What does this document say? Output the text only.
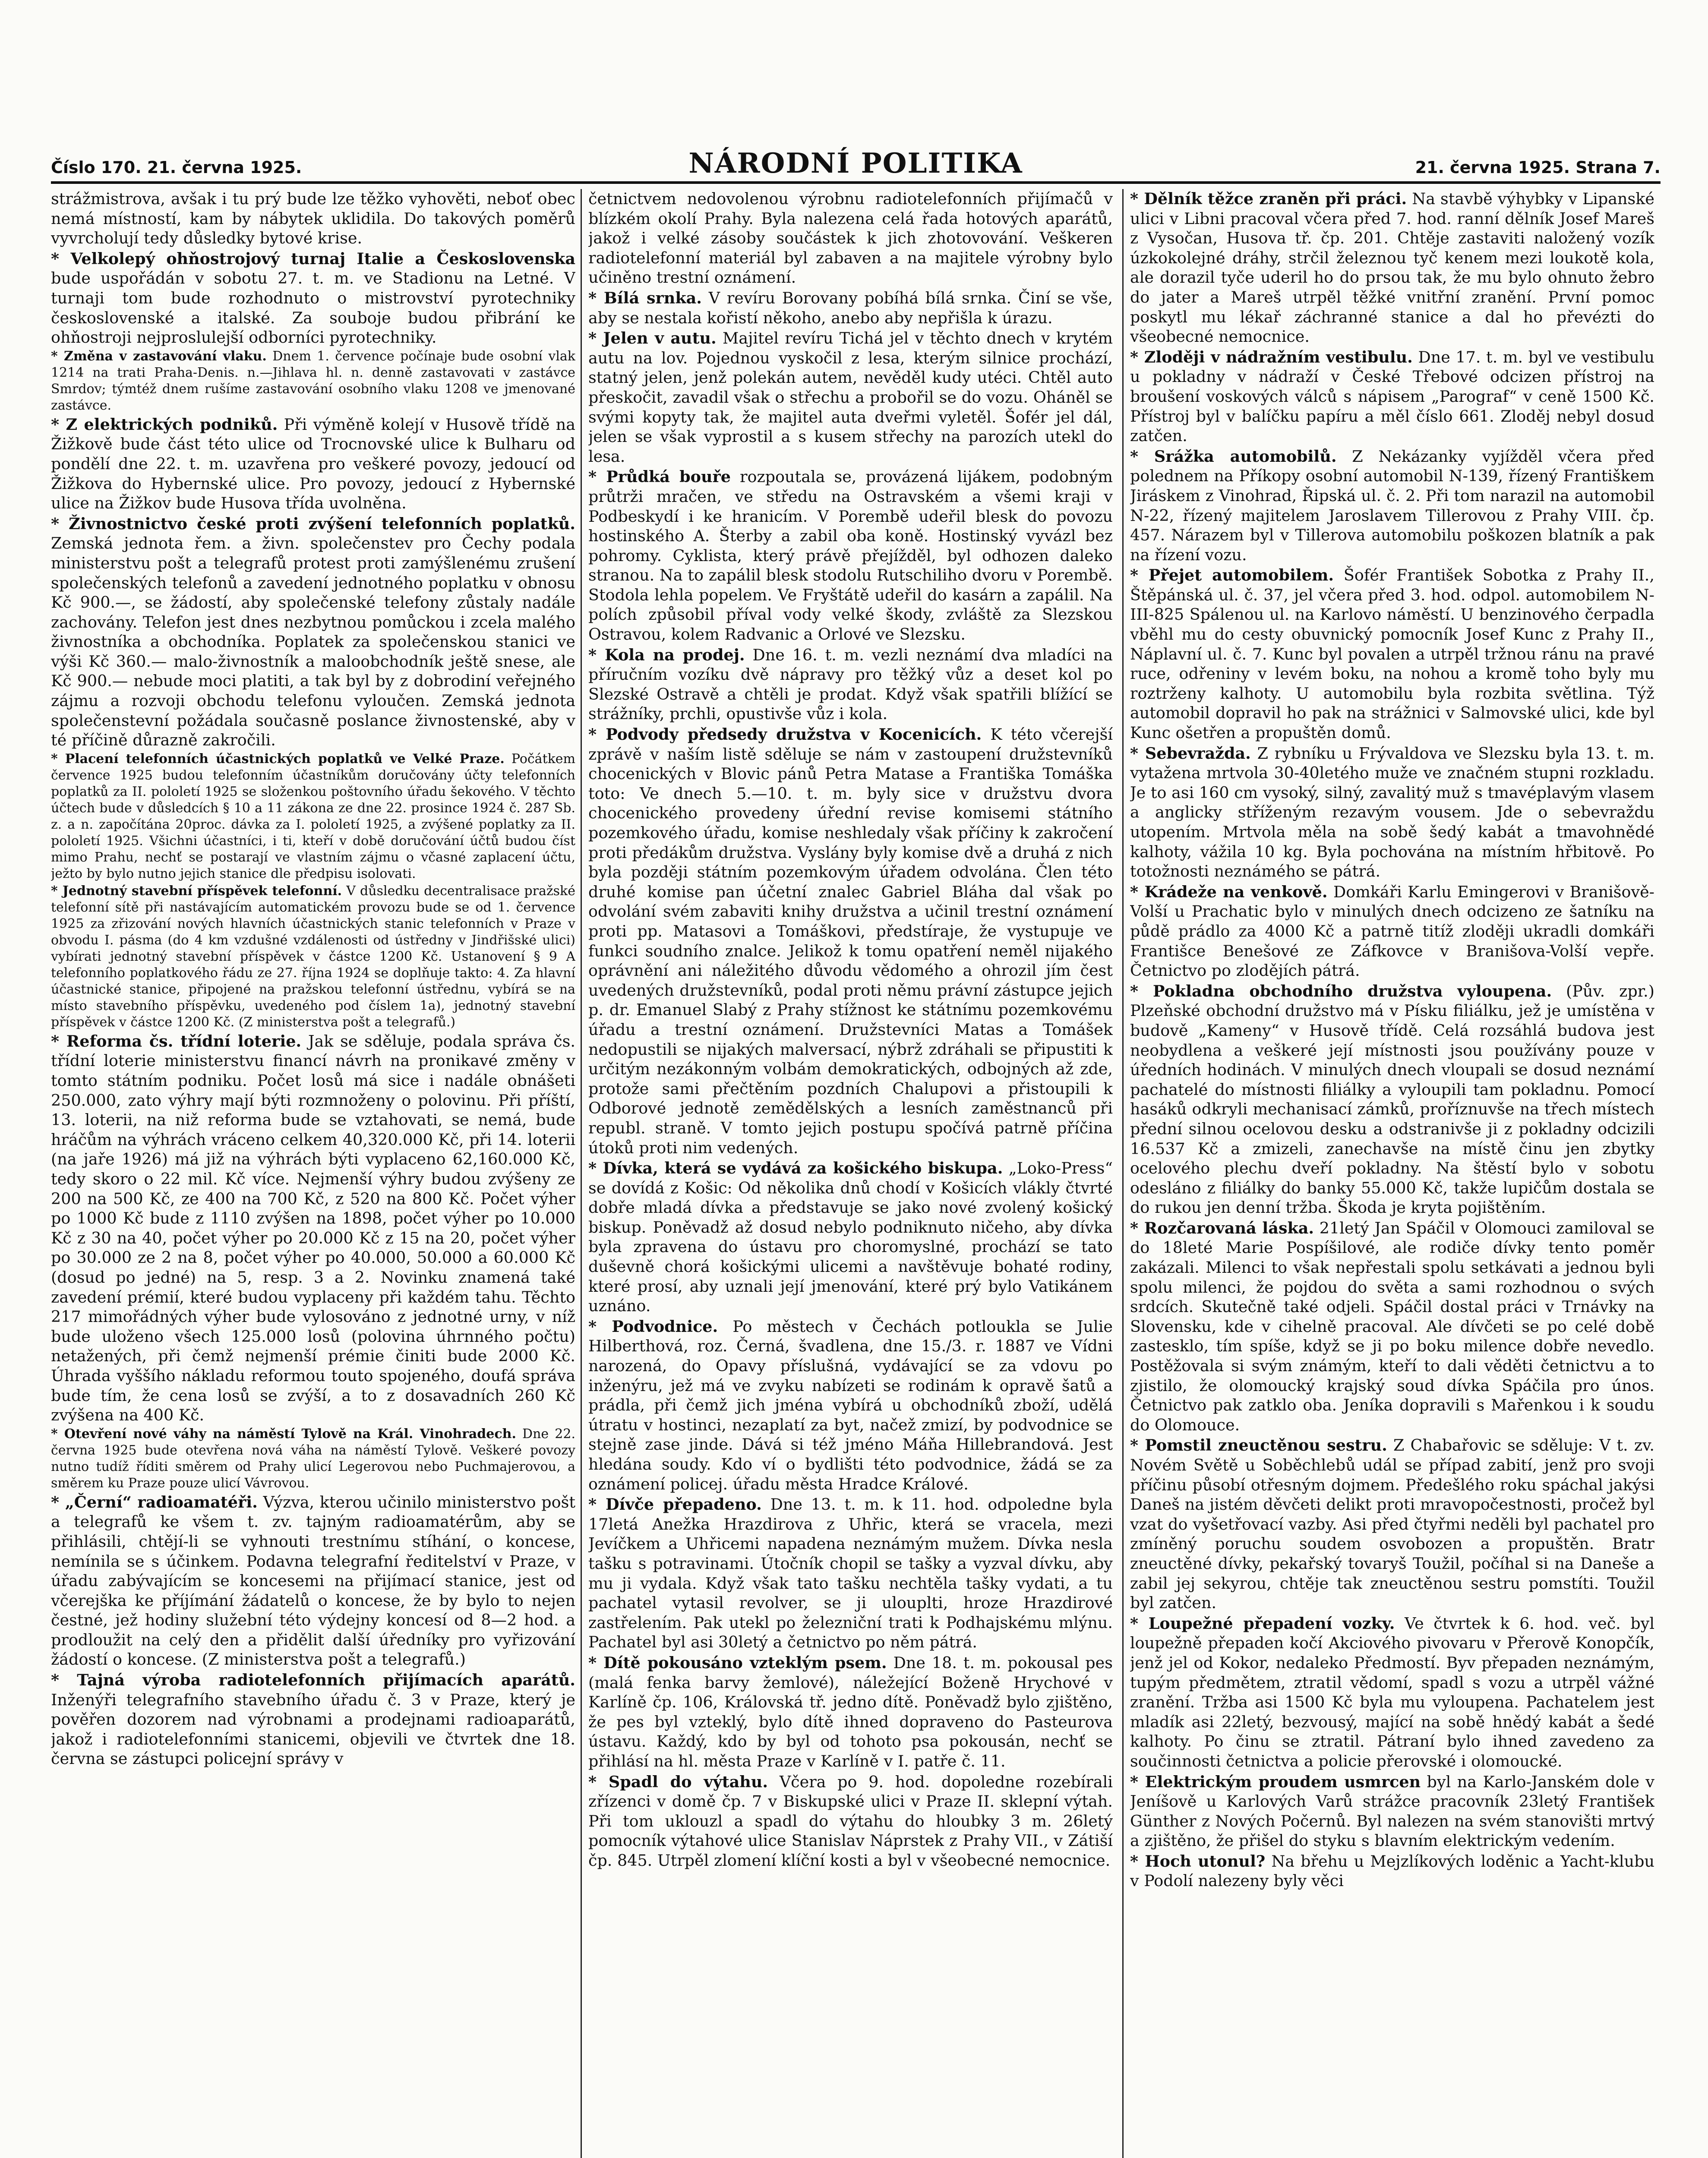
Číslo 170. 21. června 1925.	NÁRODNÍ POLITIKA	21. června 1925. Strana 7.

strážmistrova, avšak i tu prý bude lze těžko vyhověti, neboť obec nemá místností, kam by nábytek uklidila. Do takových poměrů vyvrcholují tedy důsledky bytové krise.

* Velkolepý ohňostrojový turnaj Italie a Československa bude uspořádán v sobotu 27. t. m. ve Stadionu na Letné. V turnaji tom bude rozhodnuto o mistrovství pyrotechniky československé a italské. Za souboje budou přibrání ke ohňostroji nejproslulejší odborníci pyrotechniky.

* Změna v zastavování vlaku. Dnem 1. července počínaje bude osobní vlak 1214 na trati Praha-Denis. n.—Jihlava hl. n. denně zastavovati v zastávce Smrdov; týmtéž dnem rušíme zastavování osobního vlaku 1208 ve jmenované zastávce.

* Z elektrických podniků. Při výměně kolejí v Husově třídě na Žižkově bude část této ulice od Trocnovské ulice k Bulharu od pondělí dne 22. t. m. uzavřena pro veškeré povozy, jedoucí od Žižkova do Hybernské ulice. Pro povozy, jedoucí z Hybernské ulice na Žižkov bude Husova třída uvolněna.

* Živnostnictvo české proti zvýšení telefonních poplatků. Zemská jednota řem. a živn. společenstev pro Čechy podala ministerstvu pošt a telegrafů protest proti zamýšlenému zrušení společenských telefonů a zavedení jednotného poplatku v obnosu Kč 900.—, se žádostí, aby společenské telefony zůstaly nadále zachovány. Telefon jest dnes nezbytnou pomůckou i zcela malého živnostníka a obchodníka. Poplatek za společenskou stanici ve výši Kč 360.— malo-živnostník a maloobchodník ještě snese, ale Kč 900.— nebude moci platiti, a tak byl by z dobrodiní veřejného zájmu a rozvoji obchodu telefonu vyloučen. Zemská jednota společenstevní požádala současně poslance živnostenské, aby v té příčině důrazně zakročili.

* Placení telefonních účastnických poplatků ve Velké Praze. Počátkem července 1925 budou telefonním účastníkům doručovány účty telefonních poplatků za II. pololetí 1925 se složenkou poštovního úřadu šekového. V těchto účtech bude v důsledcích § 10 a 11 zákona ze dne 22. prosince 1924 č. 287 Sb. z. a n. započítána 20proc. dávka za I. pololetí 1925, a zvýšené poplatky za II. pololetí 1925. Všichni účastníci, i ti, kteří v době doručování účtů budou číst mimo Prahu, nechť se postarají ve vlastním zájmu o včasné zaplacení účtu, ježto by bylo nutno jejich stanice dle předpisu isolovati.

* Jednotný stavební příspěvek telefonní. V důsledku decentralisace pražské telefonní sítě při nastávajícím automatickém provozu bude se od 1. července 1925 za zřizování nových hlavních účastnických stanic telefonních v Praze v obvodu I. pásma (do 4 km vzdušné vzdálenosti od ústředny v Jindřišské ulici) vybírati jednotný stavební příspěvek v částce 1200 Kč. Ustanovení § 9 A telefonního poplatkového řádu ze 27. října 1924 se doplňuje takto: 4. Za hlavní účastnické stanice, připojené na pražskou telefonní ústřednu, vybírá se na místo stavebního příspěvku, uvedeného pod číslem 1a), jednotný stavební příspěvek v částce 1200 Kč. (Z ministerstva pošt a telegrafů.)

* Reforma čs. třídní loterie. Jak se sděluje, podala správa čs. třídní loterie ministerstvu financí návrh na pronikavé změny v tomto státním podniku. Počet losů má sice i nadále obnášeti 250.000, zato výhry mají býti rozmnoženy o polovinu. Při příští, 13. loterii, na niž reforma bude se vztahovati, se nemá, bude hráčům na výhrách vráceno celkem 40,320.000 Kč, při 14. loterii (na jaře 1926) má již na výhrách býti vyplaceno 62,160.000 Kč, tedy skoro o 22 mil. Kč více. Nejmenší výhry budou zvýšeny ze 200 na 500 Kč, ze 400 na 700 Kč, z 520 na 800 Kč. Počet výher po 1000 Kč bude z 1110 zvýšen na 1898, počet výher po 10.000 Kč z 30 na 40, počet výher po 20.000 Kč z 15 na 20, počet výher po 30.000 ze 2 na 8, počet výher po 40.000, 50.000 a 60.000 Kč (dosud po jedné) na 5, resp. 3 a 2. Novinku znamená také zavedení prémií, které budou vyplaceny při každém tahu. Těchto 217 mimořádných výher bude vylosováno z jednotné urny, v níž bude uloženo všech 125.000 losů (polovina úhrnného počtu) netažených, při čemž nejmenší prémie činiti bude 2000 Kč. Úhrada vyššího nákladu reformou touto spojeného, doufá správa bude tím, že cena losů se zvýší, a to z dosavadních 260 Kč zvýšena na 400 Kč.

* Otevření nové váhy na náměstí Tylově na Král. Vinohradech. Dne 22. června 1925 bude otevřena nová váha na náměstí Tylově. Veškeré povozy nutno tudíž říditi směrem od Prahy ulicí Legerovou nebo Puchmajerovou, a směrem ku Praze pouze ulicí Vávrovou.

* „Černí“ radioamatéři. Výzva, kterou učinilo ministerstvo pošt a telegrafů ke všem t. zv. tajným radioamatérům, aby se přihlásili, chtějí-li se vyhnouti trestnímu stíhání, o koncese, nemínila se s účinkem. Podavna telegrafní ředitelství v Praze, v úřadu zabývajícím se koncesemi na přijímací stanice, jest od včerejška ke příjímání žádatelů o koncese, že by bylo to nejen čestné, jež hodiny služební této výdejny koncesí od 8—2 hod. a prodloužit na celý den a přidělit další úředníky pro vyřizování žádostí o koncese. (Z ministerstva pošt a telegrafů.)

* Tajná výroba radiotelefonních přijímacích aparátů. Inženýři telegrafního stavebního úřadu č. 3 v Praze, který je pověřen dozorem nad výrobnami a prodejnami radioaparátů, jakož i radiotelefonními stanicemi, objevili ve čtvrtek dne 18. června se zástupci policejní správy v

četnictvem nedovolenou výrobnu radiotelefonních přijímačů v blízkém okolí Prahy. Byla nalezena celá řada hotových aparátů, jakož i velké zásoby součástek k jich zhotovování. Veškeren radiotelefonní materiál byl zabaven a na majitele výrobny bylo učiněno trestní oznámení.

* Bílá srnka. V revíru Borovany pobíhá bílá srnka. Činí se vše, aby se nestala kořistí někoho, anebo aby nepřišla k úrazu.

* Jelen v autu. Majitel revíru Tichá jel v těchto dnech v krytém autu na lov. Pojednou vyskočil z lesa, kterým silnice prochází, statný jelen, jenž polekán autem, nevěděl kudy utéci. Chtěl auto přeskočit, zavadil však o střechu a probořil se do vozu. Oháněl se svými kopyty tak, že majitel auta dveřmi vyletěl. Šofér jel dál, jelen se však vyprostil a s kusem střechy na parozích utekl do lesa.

* Průdká bouře rozpoutala se, provázená lijákem, podobným průtrži mračen, ve středu na Ostravském a všemi kraji v Podbeskydí i ke hranicím. V Porembě udeřil blesk do povozu hostinského A. Šterby a zabil oba koně. Hostinský vyvázl bez pohromy. Cyklista, který právě přejížděl, byl odhozen daleko stranou. Na to zapálil blesk stodolu Rutschiliho dvoru v Porembě. Stodola lehla popelem. Ve Fryštátě udeřil do kasárn a zapálil. Na polích způsobil příval vody velké škody, zvláště za Slezskou Ostravou, kolem Radvanic a Orlové ve Slezsku.

* Kola na prodej. Dne 16. t. m. vezli neznámí dva mladíci na příručním vozíku dvě nápravy pro těžký vůz a deset kol po Slezské Ostravě a chtěli je prodat. Když však spatřili blížící se strážníky, prchli, opustivše vůz i kola.

* Podvody předsedy družstva v Kocenicích. K této včerejší zprávě v naším listě sděluje se nám v zastoupení družstevníků chocenických v Blovic pánů Petra Matase a Františka Tomáška toto: Ve dnech 5.—10. t. m. byly sice v družstvu dvora chocenického provedeny úřední revise komisemi státního pozemkového úřadu, komise neshledaly však příčiny k zakročení proti předákům družstva. Vyslány byly komise dvě a druhá z nich byla později státním pozemkovým úřadem odvolána. Člen této druhé komise pan účetní znalec Gabriel Bláha dal však po odvolání svém zabaviti knihy družstva a učinil trestní oznámení proti pp. Matasovi a Tomáškovi, předstíraje, že vystupuje ve funkci soudního znalce. Jelikož k tomu opatření neměl nijakého oprávnění ani náležitého důvodu vědomého a ohrozil jím čest uvedených družstevníků, podal proti němu právní zástupce jejich p. dr. Emanuel Slabý z Prahy stížnost ke státnímu pozemkovému úřadu a trestní oznámení. Družstevníci Matas a Tomášek nedopustili se nijakých malversací, nýbrž zdráhali se připustiti k určitým nezákonným volbám demokratických, odbojných až zde, protože sami přečtěním pozdních Chalupovi a přistoupili k Odborové jednotě zemědělských a lesních zaměstnanců při republ. straně. V tomto jejich postupu spočívá patrně příčina útoků proti nim vedených.

* Dívka, která se vydává za košického biskupa. „Loko-Press“ se dovídá z Košic: Od několika dnů chodí v Košicích vlákly čtvrté dobře mladá dívka a představuje se jako nové zvolený košický biskup. Poněvadž až dosud nebylo podniknuto ničeho, aby dívka byla zpravena do ústavu pro choromyslné, prochází se tato duševně chorá košickými ulicemi a navštěvuje bohaté rodiny, které prosí, aby uznali její jmenování, které prý bylo Vatikánem uznáno.

* Podvodnice. Po městech v Čechách potloukla se Julie Hilberthová, roz. Černá, švadlena, dne 15./3. r. 1887 ve Vídni narozená, do Opavy příslušná, vydávající se za vdovu po inženýru, jež má ve zvyku nabízeti se rodinám k opravě šatů a prádla, při čemž jich jména vybírá u obchodníků zboží, udělá útratu v hostinci, nezaplatí za byt, načež zmizí, by podvodnice se stejně zase jinde. Dává si též jméno Máňa Hillebrandová. Jest hledána soudy. Kdo ví o bydlišti této podvodnice, žádá se za oznámení policej. úřadu města Hradce Králové.

* Dívče přepadeno. Dne 13. t. m. k 11. hod. odpoledne byla 17letá Anežka Hrazdirova z Uhřic, která se vracela, mezi Jevíčkem a Uhřicemi napadena neznámým mužem. Dívka nesla tašku s potravinami. Útočník chopil se tašky a vyzval dívku, aby mu ji vydala. Když však tato tašku nechtěla tašky vydati, a tu pachatel vytasil revolver, se ji ulouplti, hroze Hrazdirové zastřelením. Pak utekl po železniční trati k Podhajskému mlýnu. Pachatel byl asi 30letý a četnictvo po něm pátrá.

* Dítě pokousáno vzteklým psem. Dne 18. t. m. pokousal pes (malá fenka barvy žemlové), náležející Boženě Hrychové v Karlíně čp. 106, Královská tř. jedno dítě. Poněvadž bylo zjištěno, že pes byl vzteklý, bylo dítě ihned dopraveno do Pasteurova ústavu. Každý, kdo by byl od tohoto psa pokousán, nechť se přihlásí na hl. města Praze v Karlíně v I. patře č. 11.

* Spadl do výtahu. Včera po 9. hod. dopoledne rozebírali zřízenci v domě čp. 7 v Biskupské ulici v Praze II. sklepní výtah. Při tom uklouzl a spadl do výtahu do hloubky 3 m. 26letý pomocník výtahové ulice Stanislav Náprstek z Prahy VII., v Zátiší čp. 845. Utrpěl zlomení klíční kosti a byl v všeobecné nemocnice.

* Dělník těžce zraněn při práci. Na stavbě výhybky v Lipanské ulici v Libni pracoval včera před 7. hod. ranní dělník Josef Mareš z Vysočan, Husova tř. čp. 201. Chtěje zastaviti naložený vozík úzkokolejné dráhy, strčil železnou tyč kenem mezi loukotě kola, ale dorazil tyče uderil ho do prsou tak, že mu bylo ohnuto žebro do jater a Mareš utrpěl těžké vnitřní zranění. První pomoc poskytl mu lékař záchranné stanice a dal ho převézti do všeobecné nemocnice.

* Zloději v nádražním vestibulu. Dne 17. t. m. byl ve vestibulu u pokladny v nádraží v České Třebové odcizen přístroj na broušení voskových válců s nápisem „Parograf“ v ceně 1500 Kč. Přístroj byl v balíčku papíru a měl číslo 661. Zloděj nebyl dosud zatčen.

* Srážka automobilů. Z Nekázanky vyjížděl včera před polednem na Příkopy osobní automobil N-139, řízený Františkem Jiráskem z Vinohrad, Řipská ul. č. 2. Při tom narazil na automobil N-22, řízený majitelem Jaroslavem Tillerovou z Prahy VIII. čp. 457. Nárazem byl v Tillerova automobilu poškozen blatník a pak na řízení vozu.

* Přejet automobilem. Šofér František Sobotka z Prahy II., Štěpánská ul. č. 37, jel včera před 3. hod. odpol. automobilem N-III-825 Spálenou ul. na Karlovo náměstí. U benzinového čerpadla vběhl mu do cesty obuvnický pomocník Josef Kunc z Prahy II., Náplavní ul. č. 7. Kunc byl povalen a utrpěl tržnou ránu na pravé ruce, odřeniny v levém boku, na nohou a kromě toho byly mu roztrženy kalhoty. U automobilu byla rozbita světlina. Týž automobil dopravil ho pak na strážnici v Salmovské ulici, kde byl Kunc ošetřen a propuštěn domů.

* Sebevražda. Z rybníku u Frývaldova ve Slezsku byla 13. t. m. vytažena mrtvola 30-40letého muže ve značném stupni rozkladu. Je to asi 160 cm vysoký, silný, zavalitý muž s tmavéplavým vlasem a anglicky stříženým rezavým vousem. Jde o sebevraždu utopením. Mrtvola měla na sobě šedý kabát a tmavohnědé kalhoty, vážila 10 kg. Byla pochována na místním hřbitově. Po totožnosti neznámého se pátrá.

* Krádeže na venkově. Domkáři Karlu Emingerovi v Branišově-Volší u Prachatic bylo v minulých dnech odcizeno ze šatníku na půdě prádlo za 4000 Kč a patrně titíž zloději ukradli domkáři Františce Benešové ze Záfkovce v Branišova-Volší vepře. Četnictvo po zlodějích pátrá.

* Pokladna obchodního družstva vyloupena. (Pův. zpr.) Plzeňské obchodní družstvo má v Písku filiálku, jež je umístěna v budově „Kameny“ v Husově třídě. Celá rozsáhlá budova jest neobydlena a veškeré její místnosti jsou používány pouze v úředních hodinách. V minulých dnech vloupali se dosud neznámí pachatelé do místnosti filiálky a vyloupili tam pokladnu. Pomocí hasáků odkryli mechanisací zámků, proříznuvše na třech místech přední silnou ocelovou desku a odstranivše ji z pokladny odcizili 16.537 Kč a zmizeli, zanechavše na místě činu jen zbytky ocelového plechu dveří pokladny. Na štěstí bylo v sobotu odesláno z filiálky do banky 55.000 Kč, takže lupičům dostala se do rukou jen denní tržba. Škoda je kryta pojištěním.

* Rozčarovaná láska. 21letý Jan Spáčil v Olomouci zamiloval se do 18leté Marie Pospíšilové, ale rodiče dívky tento poměr zakázali. Milenci to však nepřestali spolu setkávati a jednou byli spolu milenci, že pojdou do světa a sami rozhodnou o svých srdcích. Skutečně také odjeli. Spáčil dostal práci v Trnávky na Slovensku, kde v cihelně pracoval. Ale dívčeti se po celé době zastesklo, tím spíše, když se ji po boku milence dobře nevedlo. Postěžovala si svým známým, kteří to dali věděti četnictvu a to zjistilo, že olomoucký krajský soud dívka Spáčila pro únos. Četnictvo pak zatklo oba. Jeníka dopravili s Mařenkou i k soudu do Olomouce.

* Pomstil zneuctěnou sestru. Z Chabařovic se sděluje: V t. zv. Novém Světě u Soběchlebů udál se případ zabití, jenž pro svoji příčinu působí otřesným dojmem. Předešlého roku spáchal jakýsi Daneš na jistém děvčeti delikt proti mravopočestnosti, pročež byl vzat do vyšetřovací vazby. Asi před čtyřmi neděli byl pachatel pro zmíněný poruchu soudem osvobozen a propuštěn. Bratr zneuctěné dívky, pekařský tovaryš Toužil, počíhal si na Daneše a zabil jej sekyrou, chtěje tak zneuctěnou sestru pomstíti. Toužil byl zatčen.

* Loupežné přepadení vozky. Ve čtvrtek k 6. hod. več. byl loupežně přepaden kočí Akciového pivovaru v Přerově Konopčík, jenž jel od Kokor, nedaleko Předmostí. Byv přepaden neznámým, tupým předmětem, ztratil vědomí, spadl s vozu a utrpěl vážné zranění. Tržba asi 1500 Kč byla mu vyloupena. Pachatelem jest mladík asi 22letý, bezvousý, mající na sobě hnědý kabát a šedé kalhoty. Po činu se ztratil. Pátraní bylo ihned zavedeno za součinnosti četnictva a policie přerovské i olomoucké.

* Elektrickým proudem usmrcen byl na Karlo-Janském dole v Jeníšově u Karlových Varů strážce pracovník 23letý František Günther z Nových Počernů. Byl nalezen na svém stanovišti mrtvý a zjištěno, že přišel do styku s blavním elektrickým vedením.

* Hoch utonul? Na břehu u Mejzlíkových loděnic a Yacht-klubu v Podolí nalezeny byly věci
